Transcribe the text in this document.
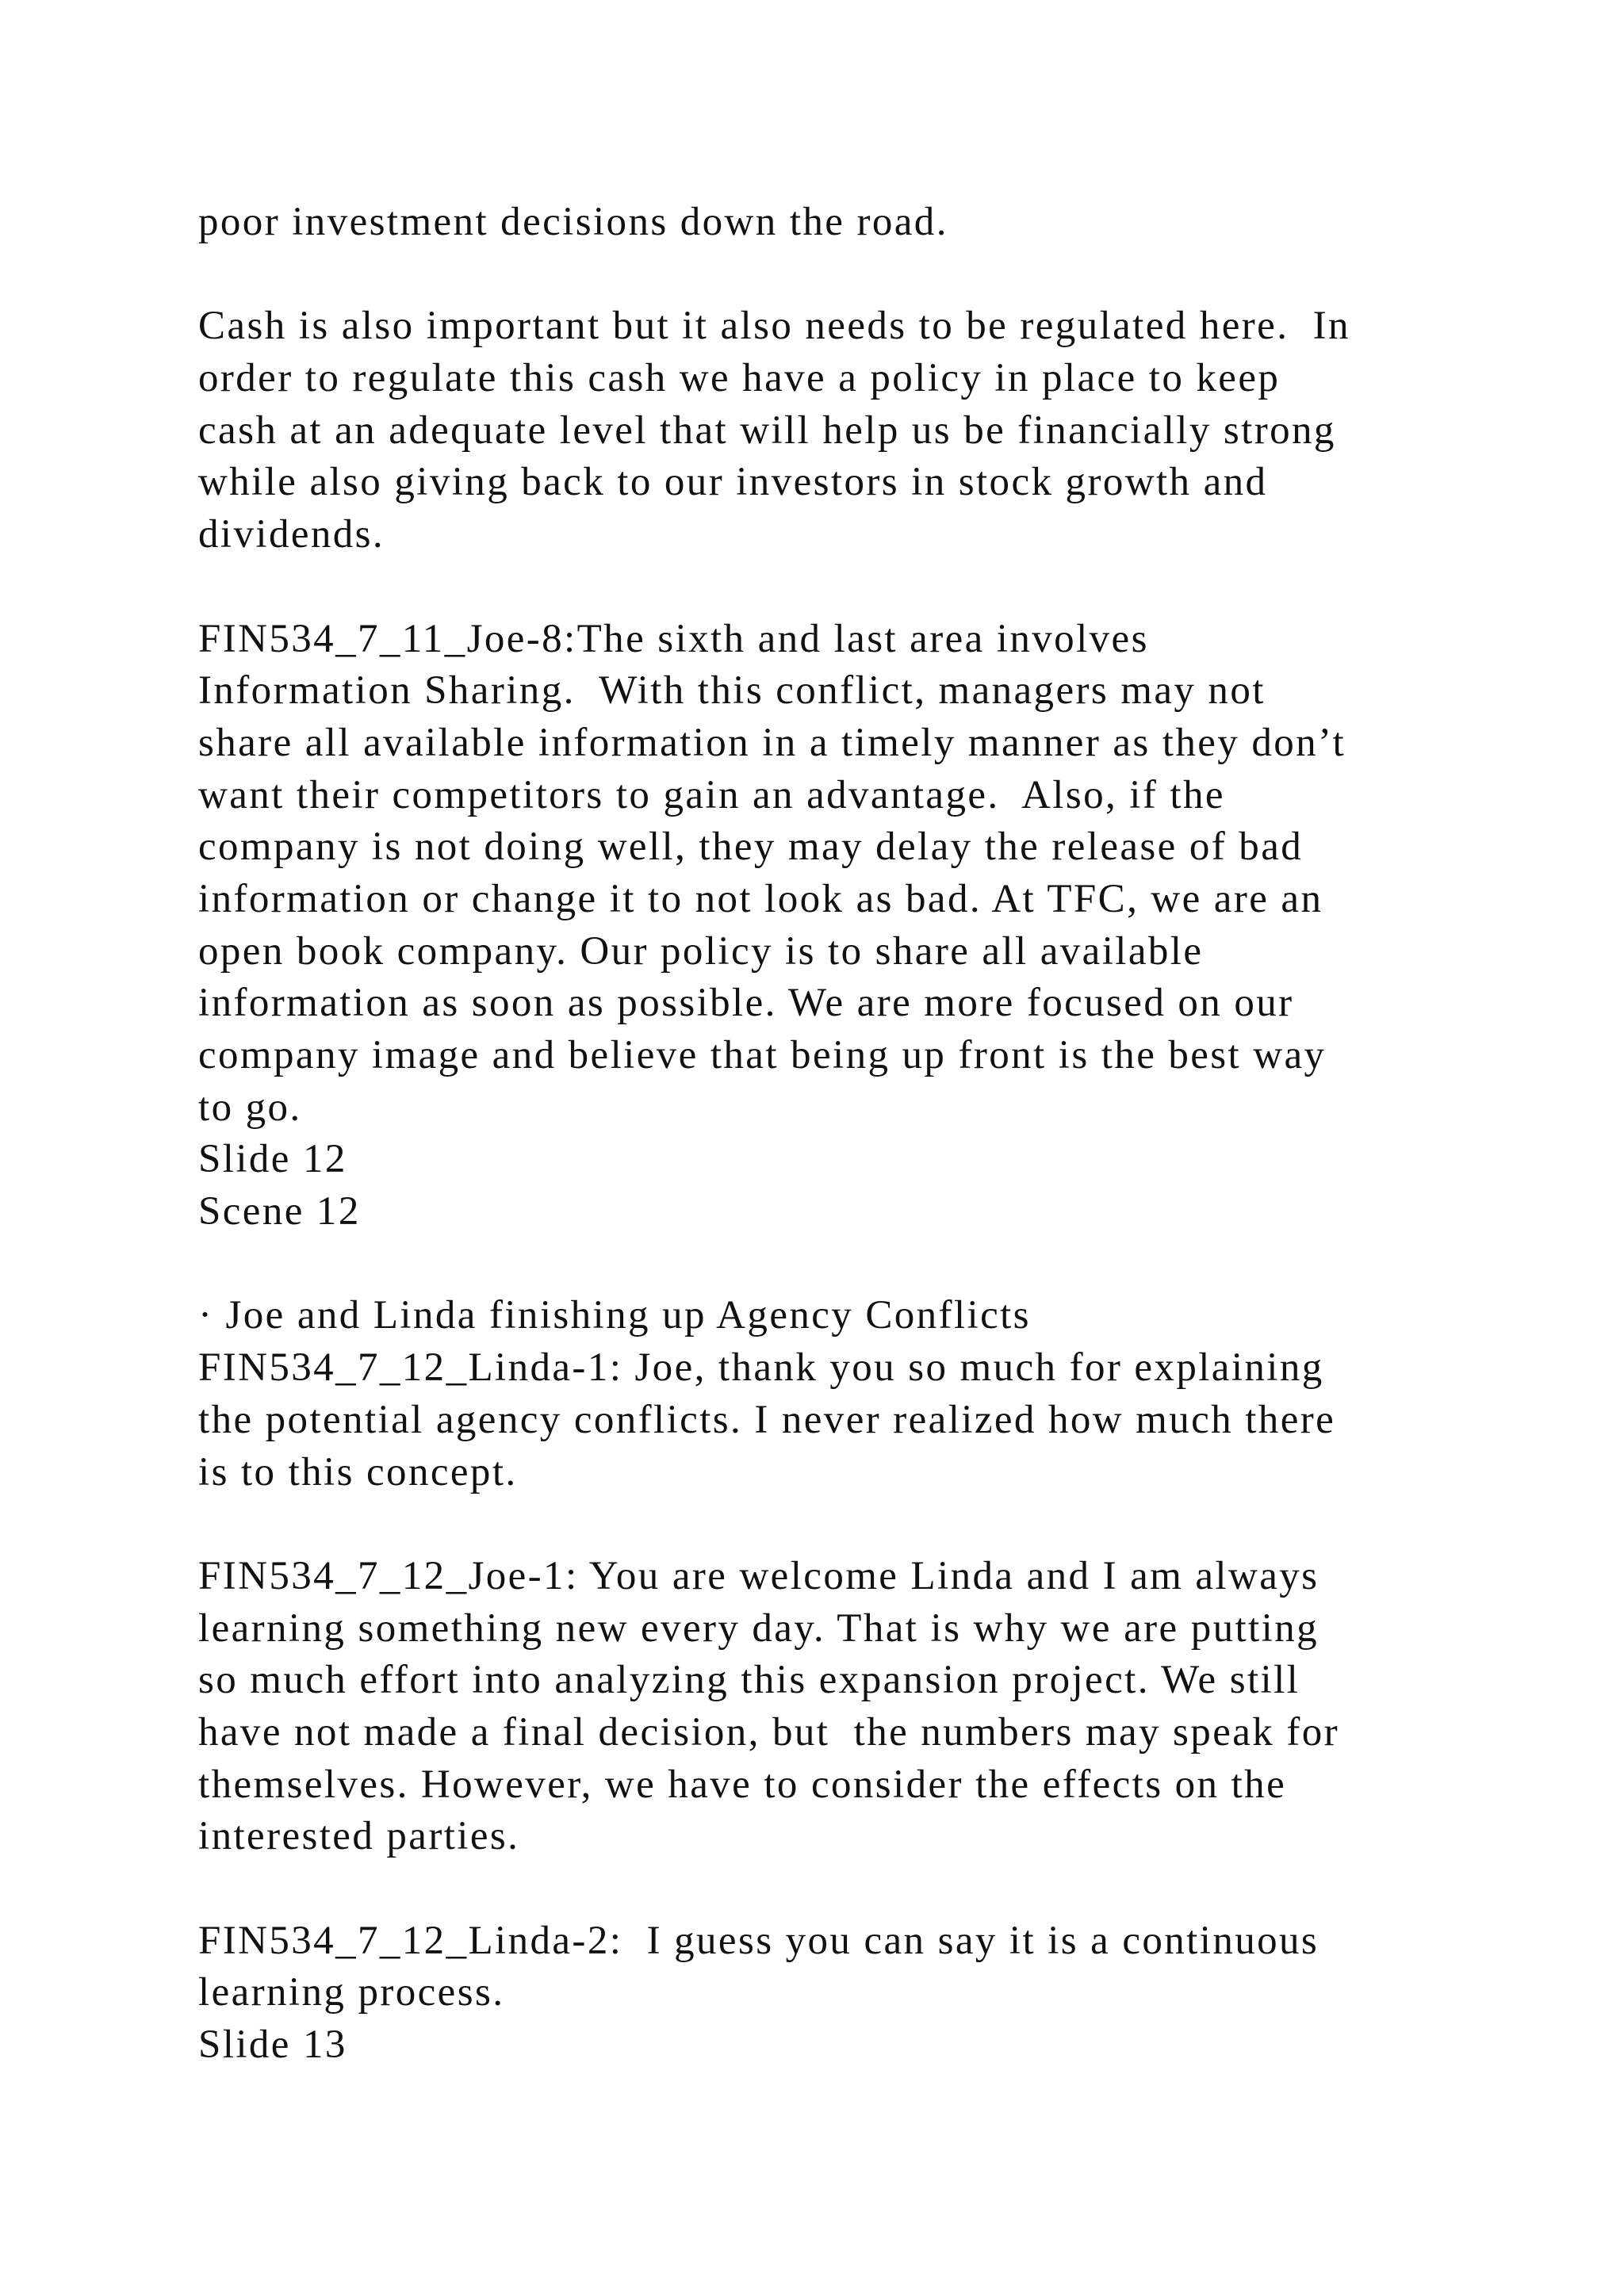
poor investment decisions down the road.
Cash is also important but it also needs to be regulated here.  In
order to regulate this cash we have a policy in place to keep
cash at an adequate level that will help us be financially strong
while also giving back to our investors in stock growth and
dividends.
FIN534_7_11_Joe-8:The sixth and last area involves
Information Sharing.  With this conflict, managers may not
share all available information in a timely manner as they don’t
want their competitors to gain an advantage.  Also, if the
company is not doing well, they may delay the release of bad
information or change it to not look as bad. At TFC, we are an
open book company. Our policy is to share all available
information as soon as possible. We are more focused on our
company image and believe that being up front is the best way
to go.
Slide 12
Scene 12
· Joe and Linda finishing up Agency Conflicts
FIN534_7_12_Linda-1: Joe, thank you so much for explaining
the potential agency conflicts. I never realized how much there
is to this concept.
FIN534_7_12_Joe-1: You are welcome Linda and I am always
learning something new every day. That is why we are putting
so much effort into analyzing this expansion project. We still
have not made a final decision, but  the numbers may speak for
themselves. However, we have to consider the effects on the
interested parties.
FIN534_7_12_Linda-2:  I guess you can say it is a continuous
learning process.
Slide 13
